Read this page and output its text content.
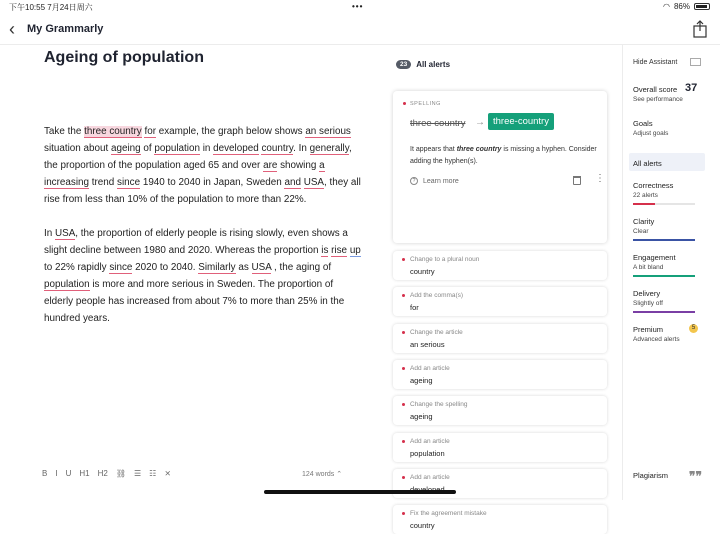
下午10:55 7月24日周六	•••	◠ 86%
‹ My Grammarly
Ageing of population
Take the three country for example, the graph below shows an serious situation about ageing of population in developed country. In generally, the proportion of the population aged 65 and over are showing a increasing trend since 1940 to 2040 in Japan, Sweden and USA, they all rise from less than 10% of the population to more than 22%.
In USA, the proportion of elderly people is rising slowly, even shows a slight decline between 1980 and 2020. Whereas the proportion is rise up to 22% rapidly since 2020 to 2040. Similarly as USA , the aging of population is more and more serious in Sweden. The proportion of elderly people has increased from about 7% to more than 25% in the hundred years.
B I U H1 H2 ⛓ ☰ ☷ ⨯	124 words ⌃
23	All alerts
SPELLING
three country → three-country
It appears that three country is missing a hyphen. Consider adding the hyphen(s).
?	Learn more	⋮
Change to a plural noun
country
Add the comma(s)
for
Change the article
an serious
Add an article
ageing
Change the spelling
ageing
Add an article
population
Add an article
Fix the agreement mistake
country
Hide Assistant
Overall score 37
See performance
Goals
Adjust goals
All alerts
Correctness
22 alerts
Clarity
Clear
Engagement
A bit bland
Delivery
Slightly off
Premium	5
Advanced alerts
Plagiarism ❞❞
